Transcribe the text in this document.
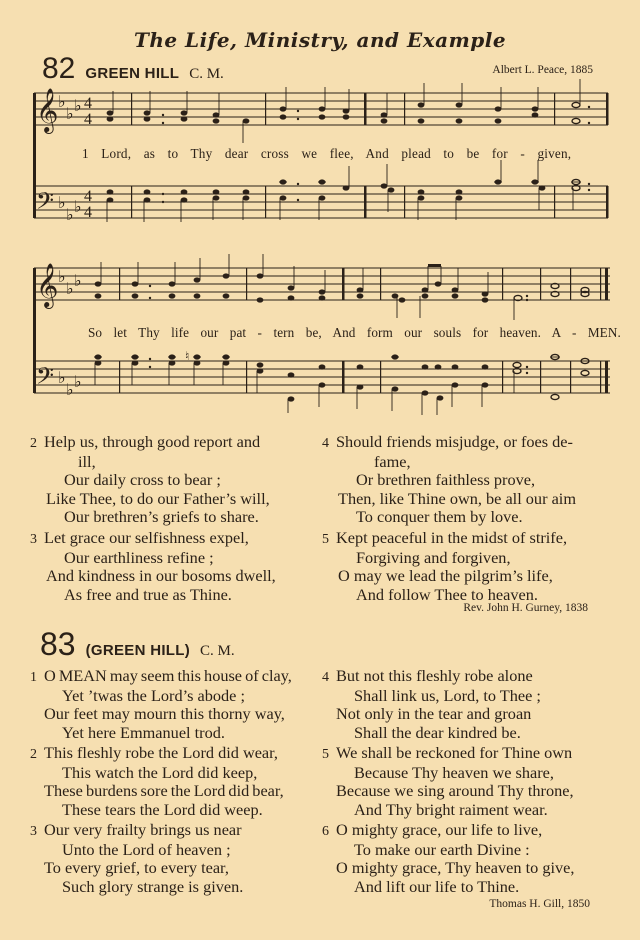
The Life, Ministry, and Example
82 GREEN HILL C. M.	Albert L. Peace, 1885
𝄞 ♭
♭ ♭ 4
4
𝄢 ♭
♭ ♭
4
4
1 Lord, as to Thy dear cross we flee, And plead to be for - given,
𝄞 ♭
♭ ♭
𝄢 ♭
♭ ♭
♮
So let Thy life our pat - tern be, And form our souls for heaven. A - MEN.
2 Help us, through good report and
ill,
Our daily cross to bear ;
Like Thee, to do our Father’s will,
Our brethren’s griefs to share.
3 Let grace our selfishness expel,
Our earthliness refine ;
And kindness in our bosoms dwell,
As free and true as Thine.
4 Should friends misjudge, or foes de-
fame,
Or brethren faithless prove,
Then, like Thine own, be all our aim
To conquer them by love.
5 Kept peaceful in the midst of strife,
Forgiving and forgiven,
O may we lead the pilgrim’s life,
And follow Thee to heaven.
Rev. John H. Gurney, 1838
83 (GREEN HILL) C. M.
1 O MEAN may seem this house of clay,
Yet ’twas the Lord’s abode ;
Our feet may mourn this thorny way,
Yet here Emmanuel trod.
2 This fleshly robe the Lord did wear,
This watch the Lord did keep,
These burdens sore the Lord did bear,
These tears the Lord did weep.
3 Our very frailty brings us near
Unto the Lord of heaven ;
To every grief, to every tear,
Such glory strange is given.
4 But not this fleshly robe alone
Shall link us, Lord, to Thee ;
Not only in the tear and groan
Shall the dear kindred be.
5 We shall be reckoned for Thine own
Because Thy heaven we share,
Because we sing around Thy throne,
And Thy bright raiment wear.
6 O mighty grace, our life to live,
To make our earth Divine :
O mighty grace, Thy heaven to give,
And lift our life to Thine.
Thomas H. Gill, 1850
